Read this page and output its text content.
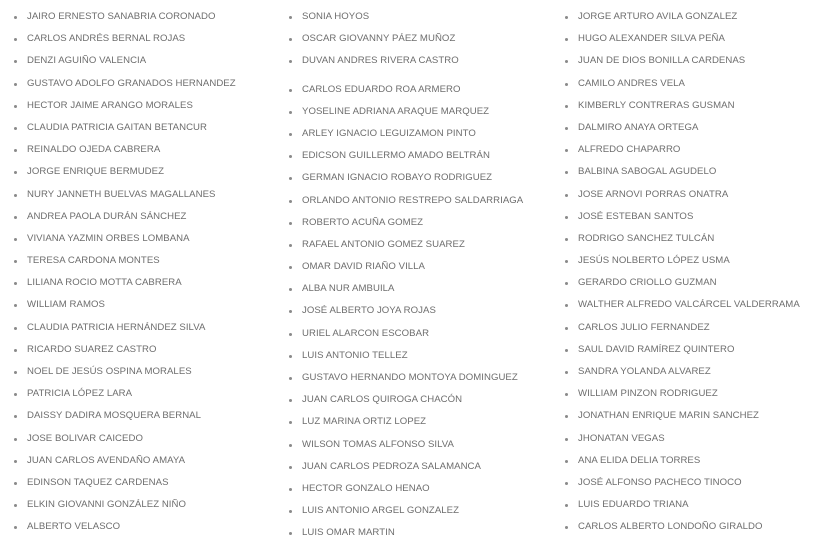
JAIRO ERNESTO SANABRIA CORONADO
CARLOS ANDRÉS BERNAL ROJAS
DENZI AGUIÑO VALENCIA
GUSTAVO ADOLFO GRANADOS HERNANDEZ
HECTOR JAIME ARANGO MORALES
CLAUDIA PATRICIA GAITAN BETANCUR
REINALDO OJEDA CABRERA
JORGE ENRIQUE BERMUDEZ
NURY JANNETH BUELVAS MAGALLANES
ANDREA PAOLA DURÁN SÁNCHEZ
VIVIANA YAZMIN ORBES LOMBANA
TERESA CARDONA MONTES
LILIANA ROCIO MOTTA CABRERA
WILLIAM RAMOS
CLAUDIA PATRICIA HERNÁNDEZ SILVA
RICARDO SUAREZ CASTRO
NOEL DE JESÚS OSPINA MORALES
PATRICIA LÓPEZ LARA
DAISSY DADIRA MOSQUERA BERNAL
JOSE BOLIVAR CAICEDO
JUAN CARLOS AVENDAÑO AMAYA
EDINSON TAQUEZ CARDENAS
ELKIN GIOVANNI GONZÁLEZ NIÑO
ALBERTO VELASCO
SONIA HOYOS
OSCAR GIOVANNY PÁEZ MUÑOZ
DUVAN ANDRES RIVERA CASTRO
CARLOS EDUARDO ROA ARMERO
YOSELINE ADRIANA ARAQUE MARQUEZ
ARLEY IGNACIO LEGUIZAMON PINTO
EDICSON GUILLERMO AMADO BELTRÁN
GERMAN IGNACIO ROBAYO RODRIGUEZ
ORLANDO ANTONIO RESTREPO SALDARRIAGA
ROBERTO ACUÑA GOMEZ
RAFAEL ANTONIO GOMEZ SUAREZ
OMAR DAVID RIAÑO VILLA
ALBA NUR AMBUILA
JOSÉ ALBERTO JOYA ROJAS
URIEL ALARCON ESCOBAR
LUIS ANTONIO TELLEZ
GUSTAVO HERNANDO MONTOYA DOMINGUEZ
JUAN CARLOS QUIROGA CHACÓN
LUZ MARINA ORTIZ LOPEZ
WILSON TOMAS ALFONSO SILVA
JUAN CARLOS PEDROZA SALAMANCA
HECTOR GONZALO HENAO
LUIS ANTONIO ARGEL GONZALEZ
LUIS OMAR MARTIN
JORGE ARTURO AVILA GONZALEZ
HUGO ALEXANDER SILVA PEÑA
JUAN DE DIOS BONILLA CARDENAS
CAMILO ANDRES VELA
KIMBERLY CONTRERAS GUSMAN
DALMIRO ANAYA ORTEGA
ALFREDO CHAPARRO
BALBINA SABOGAL AGUDELO
JOSE ARNOVI PORRAS ONATRA
JOSÉ ESTEBAN SANTOS
RODRIGO SANCHEZ TULCÁN
JESÚS NOLBERTO LÓPEZ USMA
GERARDO CRIOLLO GUZMAN
WALTHER ALFREDO VALCÁRCEL VALDERRAMA
CARLOS JULIO FERNANDEZ
SAUL DAVID RAMÍREZ QUINTERO
SANDRA YOLANDA ALVAREZ
WILLIAM PINZON RODRIGUEZ
JONATHAN ENRIQUE MARIN SANCHEZ
JHONATAN VEGAS
ANA ELIDA DELIA TORRES
JOSÉ ALFONSO PACHECO TINOCO
LUIS EDUARDO TRIANA
CARLOS ALBERTO LONDOÑO GIRALDO
